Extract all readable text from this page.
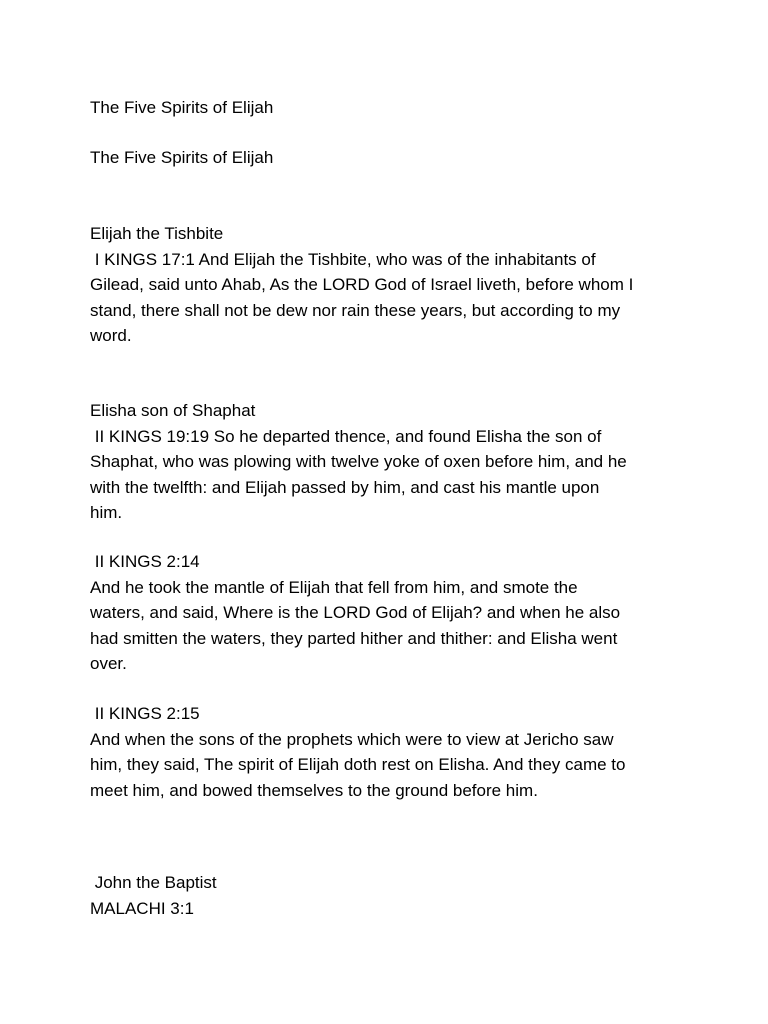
The Five Spirits of Elijah

The Five Spirits of Elijah

Elijah the Tishbite
I KINGS 17:1 And Elijah the Tishbite, who was of the inhabitants of
Gilead, said unto Ahab, As the LORD God of Israel liveth, before whom I
stand, there shall not be dew nor rain these years, but according to my
word.
Elisha son of Shaphat
II KINGS 19:19 So he departed thence, and found Elisha the son of
Shaphat, who was plowing with twelve yoke of oxen before him, and he
with the twelfth: and Elijah passed by him, and cast his mantle upon
him.
II KINGS 2:14
And he took the mantle of Elijah that fell from him, and smote the
waters, and said, Where is the LORD God of Elijah? and when he also
had smitten the waters, they parted hither and thither: and Elisha went
over.
II KINGS 2:15
And when the sons of the prophets which were to view at Jericho saw
him, they said, The spirit of Elijah doth rest on Elisha. And they came to
meet him, and bowed themselves to the ground before him.
John the Baptist
MALACHI 3:1
